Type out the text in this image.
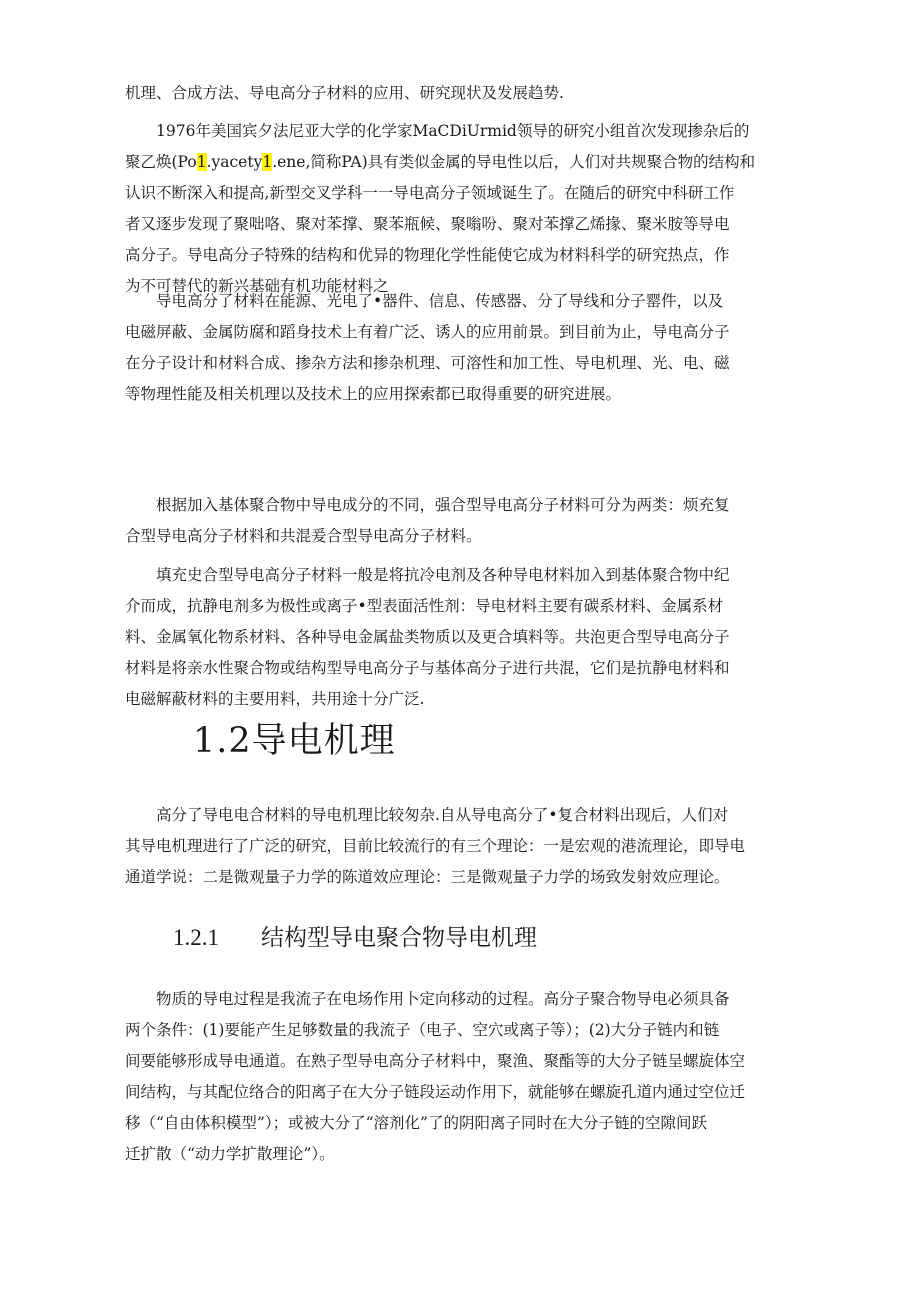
机理、合成方法、导电高分子材料的应用、研究现状及发展趋势.

　　1976年美国宾夕法尼亚大学的化学家MaCDiUrmid领导的研究小组首次发现掺杂后的
聚乙焕(Po1.yacety1.ene,简称PA)具有类似金属的导电性以后，人们对共规聚合物的结构和
认识不断深入和提高,新型交叉学科一一导电高分子领域诞生了。在随后的研究中科研工作
者又逐步发现了聚咄咯、聚对苯撑、聚苯瓶候、聚嗡吩、聚对苯撑乙烯掾、聚米胺等导电
高分子。导电高分子特殊的结构和优异的物理化学性能使它成为材料科学的研究热点，作
为不可替代的新兴基础有机功能材料之

　　导电高分了材料在能源、光电了•器件、信息、传感器、分了导线和分子罂件，以及
电磁屏蔽、金属防腐和蹈身技术上有着广泛、诱人的应用前景。到目前为止，导电高分子
在分子设计和材料合成、掺杂方法和掺杂机理、可溶性和加工性、导电机理、光、电、磁
等物理性能及相关机理以及技术上的应用探索都已取得重要的研究进展。

　　根据加入基体聚合物中导电成分的不同，强合型导电高分子材料可分为两类：烦充复
合型导电高分子材料和共混爰合型导电高分子材料。

　　填充史合型导电高分子材料一般是将抗冷电剂及各种导电材料加入到基体聚合物中纪
介而成，抗静电剂多为极性或离子•型表面活性剂：导电材料主要有碳系材料、金属系材
料、金属氧化物系材料、各种导电金属盐类物质以及更合填料等。共泡更合型导电高分子
材料是将亲水性聚合物或结构型导电高分子与基体高分子进行共混，它们是抗静电材料和
电磁解蔽材料的主要用料，共用途十分广泛.

1.2导电机理

　　高分了导电电合材料的导电机理比较匆杂.自从导电高分了•复合材料出现后，人们对
其导电机理进行了广泛的研究，目前比较流行的有三个理论：一是宏观的港流理论，即导电
通道学说：二是微观量子力学的陈道效应理论：三是微观量子力学的场致发射效应理论。

1.2.1 结构型导电聚合物导电机理

　　物质的导电过程是我流子在电场作用卜定向移动的过程。高分子聚合物导电必须具备
两个条件：(1)要能产生足够数量的我流子（电子、空穴或离子等）；(2)大分子链内和链
间要能够形成导电通道。在熟子型导电高分子材料中，聚渔、聚酯等的大分子链呈螺旋体空
间结构，与其配位络合的阳离子在大分子链段运动作用下，就能够在螺旋孔道内通过空位迁
移（“自由体积模型”）；或被大分了“溶剂化”了的阴阳离子同时在大分子链的空隙间跃
迁扩散（“动力学扩散理论”）。
